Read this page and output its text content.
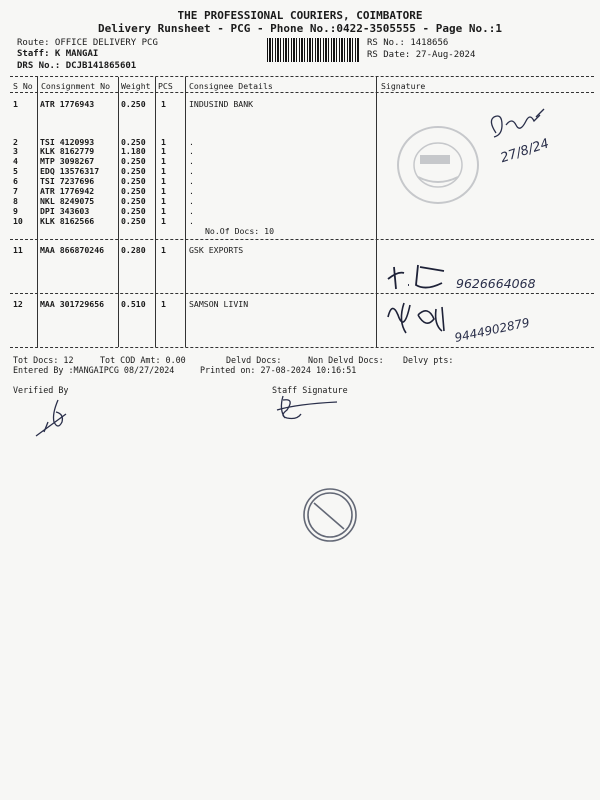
THE PROFESSIONAL COURIERS, COIMBATORE
Delivery Runsheet - PCG - Phone No.:0422-3505555 - Page No.:1
Route: OFFICE DELIVERY PCG
Staff: K MANGAI
DRS No.: DCJB141865601
RS No.: 1418656
RS Date: 27-Aug-2024
S No Consignment No Weight PCS Consignee Details	Signature
1	ATR 1776943	0.250 1	INDUSIND BANK
2	TSI 4120993	0.250 1	.
3	KLK 8162779	1.180 1	.
4	MTP 3098267	0.250 1	.
5	EDQ 13576317	0.250 1	.
6	TSI 7237696	0.250 1	.
7	ATR 1776942	0.250 1	.
8	NKL 8249075	0.250 1	.
9	DPI 343603	0.250 1	.
10 KLK 8162566	0.250 1	.
No.Of Docs: 10
11 MAA 866870246 0.280 1	GSK EXPORTS
12 MAA 301729656 0.510 1	SAMSON LIVIN
27/8/24
9626664068
9444902879
Tot Docs: 12	Tot COD Amt: 0.00	Delvd Docs:	Non Delvd Docs: Delvy pts:
Entered By :MANGAIPCG 08/27/2024	Printed on: 27-08-2024 10:16:51
Verified By	Staff Signature
